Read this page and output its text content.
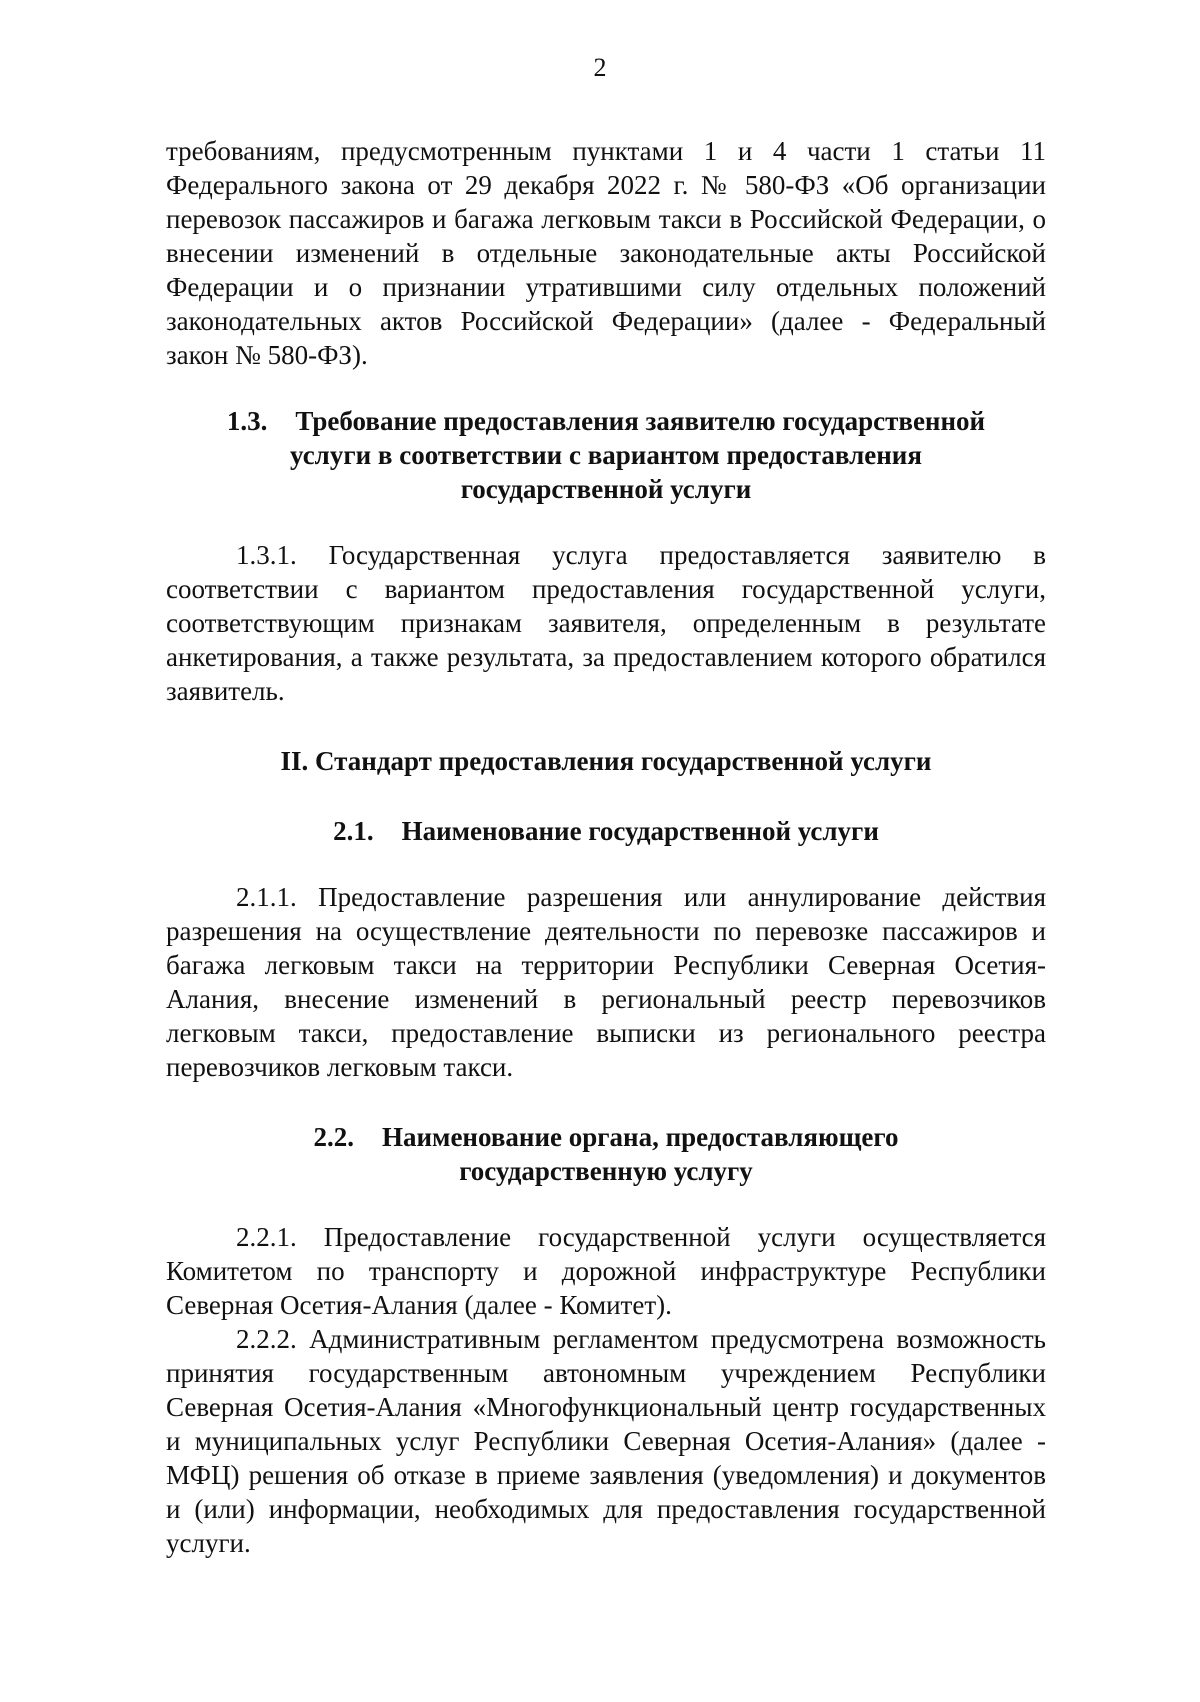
2

требованиям, предусмотренным пунктами 1 и 4 части 1 статьи 11 Федерального закона от 29 декабря 2022 г. № 580-ФЗ «Об организации перевозок пассажиров и багажа легковым такси в Российской Федерации, о внесении изменений в отдельные законодательные акты Российской Федерации и о признании утратившими силу отдельных положений законодательных актов Российской Федерации» (далее - Федеральный закон № 580-ФЗ).

1.3. Требование предоставления заявителю государственной
услуги в соответствии с вариантом предоставления
государственной услуги

1.3.1. Государственная услуга предоставляется заявителю в соответствии с вариантом предоставления государственной услуги, соответствующим признакам заявителя, определенным в результате анкетирования, а также результата, за предоставлением которого обратился заявитель.

II. Стандарт предоставления государственной услуги
2.1. Наименование государственной услуги

2.1.1. Предоставление разрешения или аннулирование действия разрешения на осуществление деятельности по перевозке пассажиров и багажа легковым такси на территории Республики Северная Осетия-Алания, внесение изменений в региональный реестр перевозчиков легковым такси, предоставление выписки из регионального реестра перевозчиков легковым такси.

2.2. Наименование органа, предоставляющего
государственную услугу

2.2.1. Предоставление государственной услуги осуществляется Комитетом по транспорту и дорожной инфраструктуре Республики Северная Осетия-Алания (далее - Комитет).

2.2.2. Административным регламентом предусмотрена возможность принятия государственным автономным учреждением Республики Северная Осетия-Алания «Многофункциональный центр государственных и муниципальных услуг Республики Северная Осетия-Алания» (далее - МФЦ) решения об отказе в приеме заявления (уведомления) и документов и (или) информации, необходимых для предоставления государственной услуги.
